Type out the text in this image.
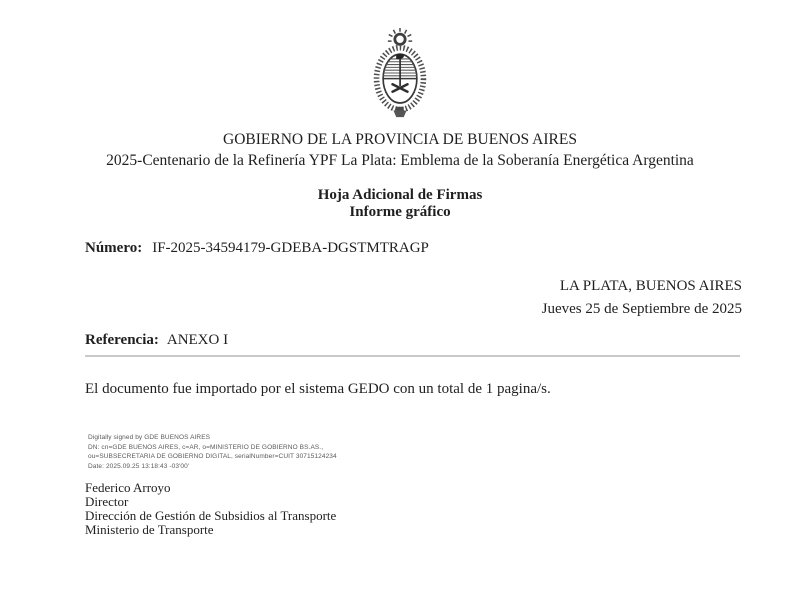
GOBIERNO DE LA PROVINCIA DE BUENOS AIRES
2025-Centenario de la Refinería YPF La Plata: Emblema de la Soberanía Energética Argentina
Hoja Adicional de Firmas
Informe gráfico
Número: IF-2025-34594179-GDEBA-DGSTMTRAGP
LA PLATA, BUENOS AIRES
Jueves 25 de Septiembre de 2025
Referencia: ANEXO I
El documento fue importado por el sistema GEDO con un total de 1 pagina/s.
Digitally signed by GDE BUENOS AIRES
DN: cn=GDE BUENOS AIRES, c=AR, o=MINISTERIO DE GOBIERNO BS.AS.,
ou=SUBSECRETARIA DE GOBIERNO DIGITAL, serialNumber=CUIT 30715124234
Date: 2025.09.25 13:18:43 -03'00'
Federico Arroyo
Director
Dirección de Gestión de Subsidios al Transporte
Ministerio de Transporte
